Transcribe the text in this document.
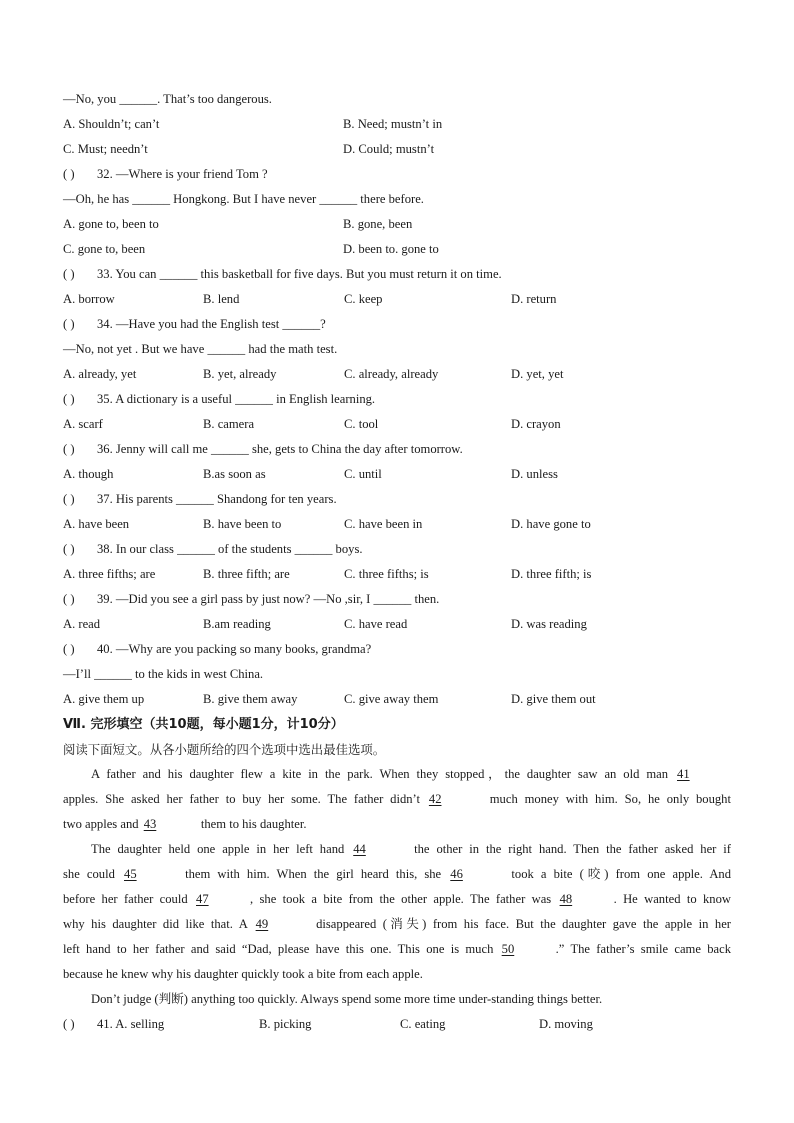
—No, you ______. That’s too dangerous.
A. Shouldn’t; can’t	B. Need; mustn’t in
C. Must; needn’t	D. Could; mustn’t
( ) 32. —Where is your friend Tom ?
—Oh, he has ______ Hongkong. But I have never ______ there before.
A. gone to, been to	B. gone, been
C. gone to, been	D. been to. gone to
( ) 33. You can ______ this basketball for five days. But you must return it on time.
A. borrow	B. lend	C. keep	D. return
( ) 34. —Have you had the English test ______?
—No, not yet . But we have ______ had the math test.
A. already, yet	B. yet, already	C. already, already	D. yet, yet
( ) 35. A dictionary is a useful ______ in English learning.
A. scarf	B. camera	C. tool	D. crayon
( ) 36. Jenny will call me ______ she, gets to China the day after tomorrow.
A. though	B.as soon as	C. until	D. unless
( ) 37. His parents ______ Shandong for ten years.
A. have been	B. have been to	C. have been in	D. have gone to
( ) 38. In our class ______ of the students ______ boys.
A. three fifths; are	B. three fifth; are	C. three fifths; is	D. three fifth; is
( ) 39. —Did you see a girl pass by just now? —No ,sir, I ______ then.
A. read	B.am reading	C. have read	D. was reading
( ) 40. —Why are you packing so many books, grandma?
—I’ll ______ to the kids in west China.
A. give them up	B. give them away	C. give away them	D. give them out
Ⅶ. 完形填空（共10题，每小题1分，计10分）
阅读下面短文。从各小题所给的四个选项中选出最佳选项。
A father and his daughter flew a kite in the park. When they stopped，the daughter saw an old man 41
apples. She asked her father to buy her some. The father didn’t 42	much money with him. So, he only bought
two apples and 43	them to his daughter.
The daughter held one apple in her left hand 44	the other in the right hand. Then the father asked her if
she could 45	them with him. When the girl heard this, she 46	took a bite (咬) from one apple. And
before her father could 47	, she took a bite from the other apple. The father was 48	. He wanted to know
why his daughter did like that. A 49	disappeared (消失) from his face. But the daughter gave the apple in her
left hand to her father and said “Dad, please have this one. This one is much 50	.” The father’s smile came back
because he knew why his daughter quickly took a bite from each apple.
Don’t judge (判断) anything too quickly. Always spend some more time under-standing things better.
( ) 41. A. selling	B. picking	C. eating	D. moving
